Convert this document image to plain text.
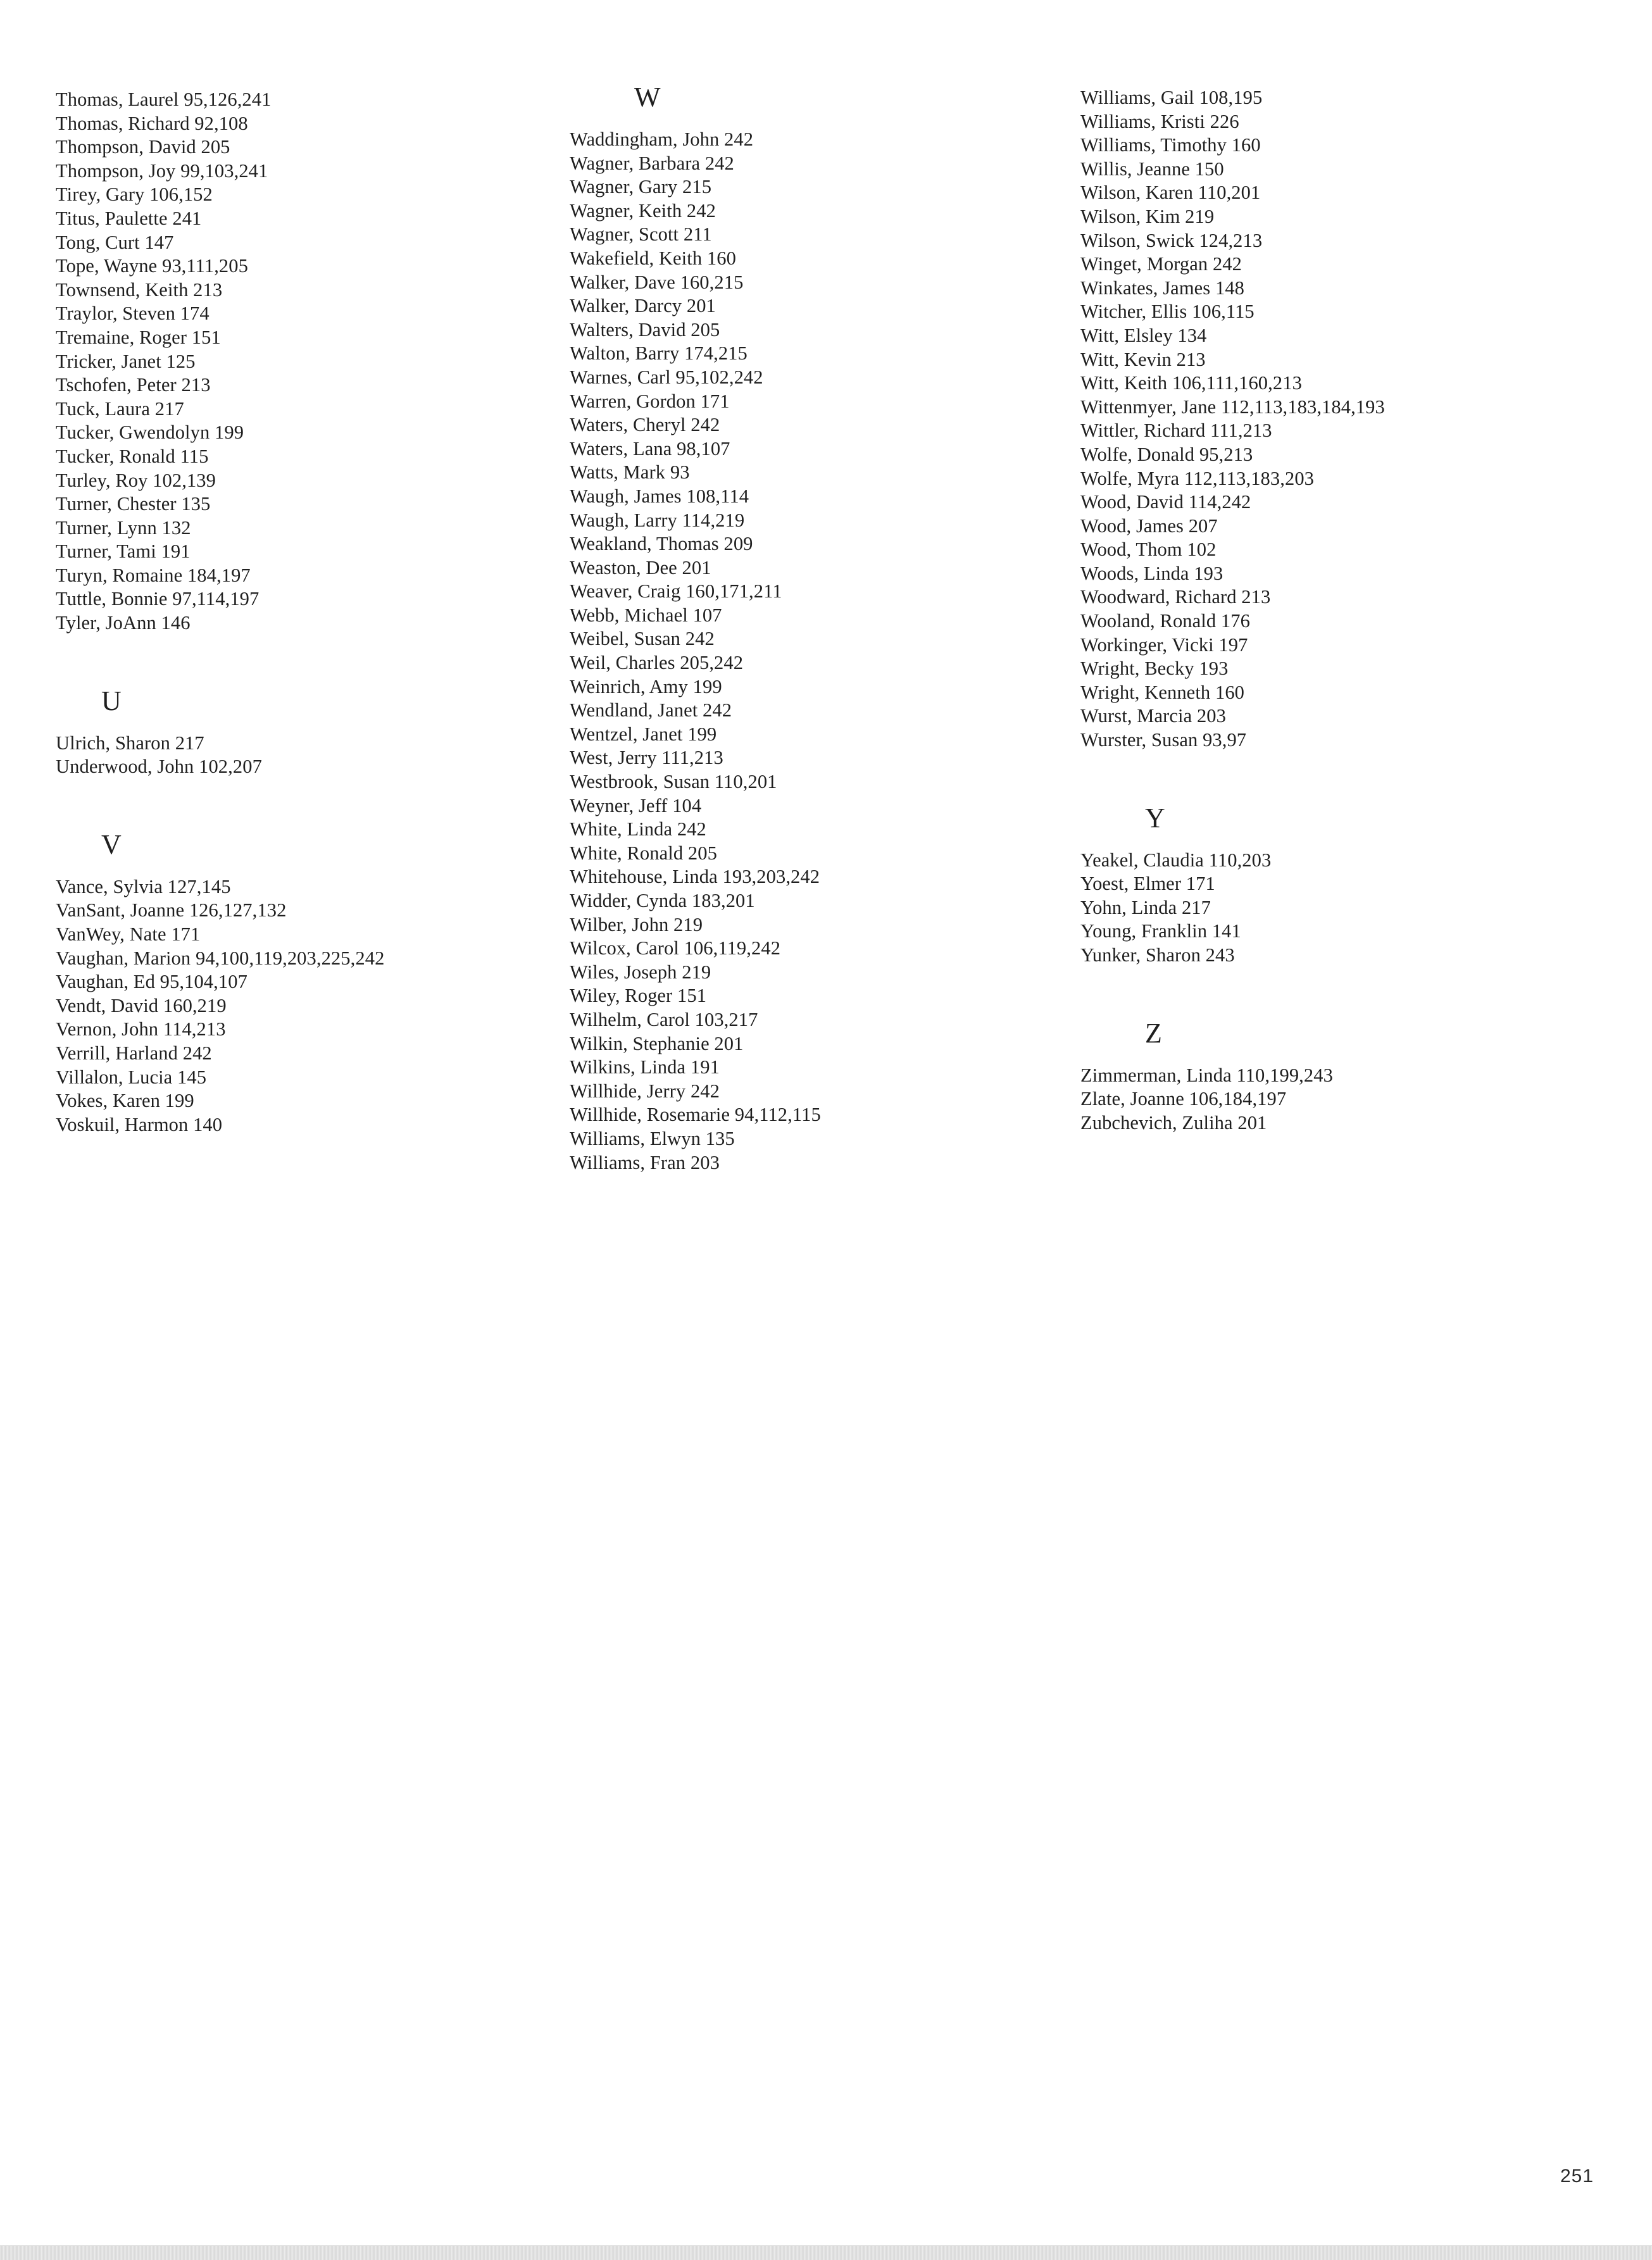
Thomas, Laurel 95,126,241
Thomas, Richard 92,108
Thompson, David 205
Thompson, Joy 99,103,241
Tirey, Gary 106,152
Titus, Paulette 241
Tong, Curt 147
Tope, Wayne 93,111,205
Townsend, Keith 213
Traylor, Steven 174
Tremaine, Roger 151
Tricker, Janet 125
Tschofen, Peter 213
Tuck, Laura 217
Tucker, Gwendolyn 199
Tucker, Ronald 115
Turley, Roy 102,139
Turner, Chester 135
Turner, Lynn 132
Turner, Tami 191
Turyn, Romaine 184,197
Tuttle, Bonnie 97,114,197
Tyler, JoAnn 146
U
Ulrich, Sharon 217
Underwood, John 102,207
V
Vance, Sylvia 127,145
VanSant, Joanne 126,127,132
VanWey, Nate 171
Vaughan, Marion 94,100,119,203,225,242
Vaughan, Ed 95,104,107
Vendt, David 160,219
Vernon, John 114,213
Verrill, Harland 242
Villalon, Lucia 145
Vokes, Karen 199
Voskuil, Harmon 140
W
Waddingham, John 242
Wagner, Barbara 242
Wagner, Gary 215
Wagner, Keith 242
Wagner, Scott 211
Wakefield, Keith 160
Walker, Dave 160,215
Walker, Darcy 201
Walters, David 205
Walton, Barry 174,215
Warnes, Carl 95,102,242
Warren, Gordon 171
Waters, Cheryl 242
Waters, Lana 98,107
Watts, Mark 93
Waugh, James 108,114
Waugh, Larry 114,219
Weakland, Thomas 209
Weaston, Dee 201
Weaver, Craig 160,171,211
Webb, Michael 107
Weibel, Susan 242
Weil, Charles 205,242
Weinrich, Amy 199
Wendland, Janet 242
Wentzel, Janet 199
West, Jerry 111,213
Westbrook, Susan 110,201
Weyner, Jeff 104
White, Linda 242
White, Ronald 205
Whitehouse, Linda 193,203,242
Widder, Cynda 183,201
Wilber, John 219
Wilcox, Carol 106,119,242
Wiles, Joseph 219
Wiley, Roger 151
Wilhelm, Carol 103,217
Wilkin, Stephanie 201
Wilkins, Linda 191
Willhide, Jerry 242
Willhide, Rosemarie 94,112,115
Williams, Elwyn 135
Williams, Fran 203
Williams, Gail 108,195
Williams, Kristi 226
Williams, Timothy 160
Willis, Jeanne 150
Wilson, Karen 110,201
Wilson, Kim 219
Wilson, Swick 124,213
Winget, Morgan 242
Winkates, James 148
Witcher, Ellis 106,115
Witt, Elsley 134
Witt, Kevin 213
Witt, Keith 106,111,160,213
Wittenmyer, Jane 112,113,183,184,193
Wittler, Richard 111,213
Wolfe, Donald 95,213
Wolfe, Myra 112,113,183,203
Wood, David 114,242
Wood, James 207
Wood, Thom 102
Woods, Linda 193
Woodward, Richard 213
Wooland, Ronald 176
Workinger, Vicki 197
Wright, Becky 193
Wright, Kenneth 160
Wurst, Marcia 203
Wurster, Susan 93,97
Y
Yeakel, Claudia 110,203
Yoest, Elmer 171
Yohn, Linda 217
Young, Franklin 141
Yunker, Sharon 243
Z
Zimmerman, Linda 110,199,243
Zlate, Joanne 106,184,197
Zubchevich, Zuliha 201
251
